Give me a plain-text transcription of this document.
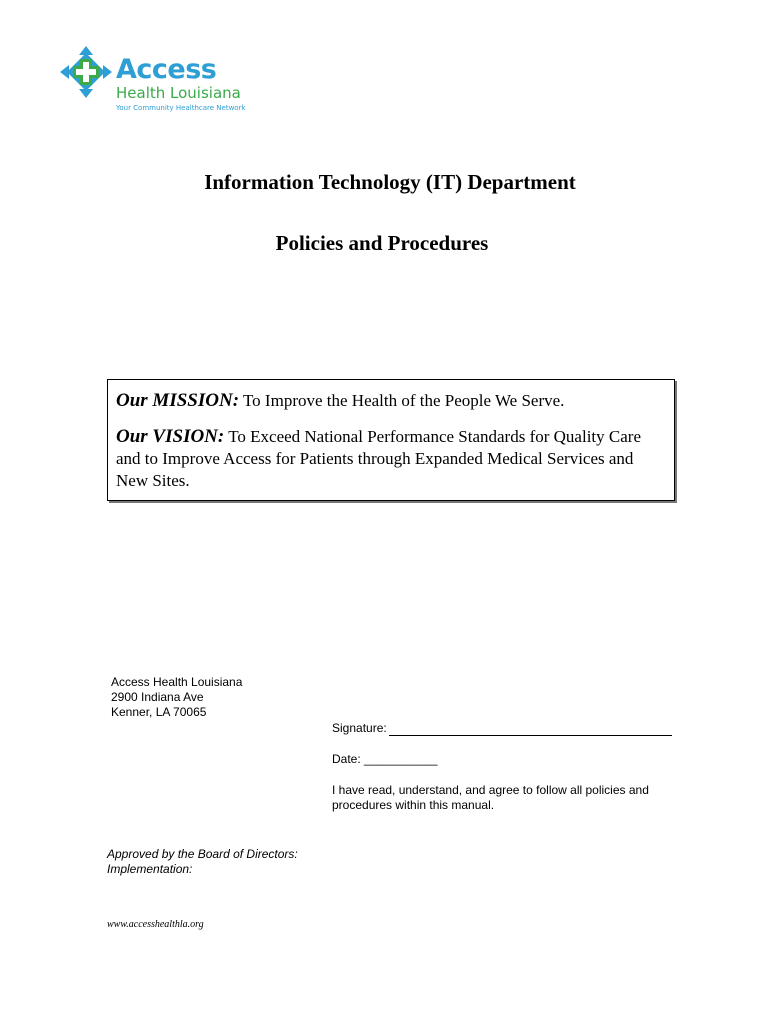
Access

Health Louisiana

Your Community Healthcare Network

Information Technology (IT) Department
Policies and Procedures

Our MISSION: To Improve the Health of the People We Serve.

Our VISION: To Exceed National Performance Standards for Quality Care and to Improve Access for Patients through Expanded Medical Services and New Sites.

Access Health Louisiana
2900 Indiana Ave
Kenner, LA 70065
Signature:
Date: ___________
I have read, understand, and agree to follow all policies and procedures within this manual.
Approved by the Board of Directors:
Implementation:
www.accesshealthla.org
